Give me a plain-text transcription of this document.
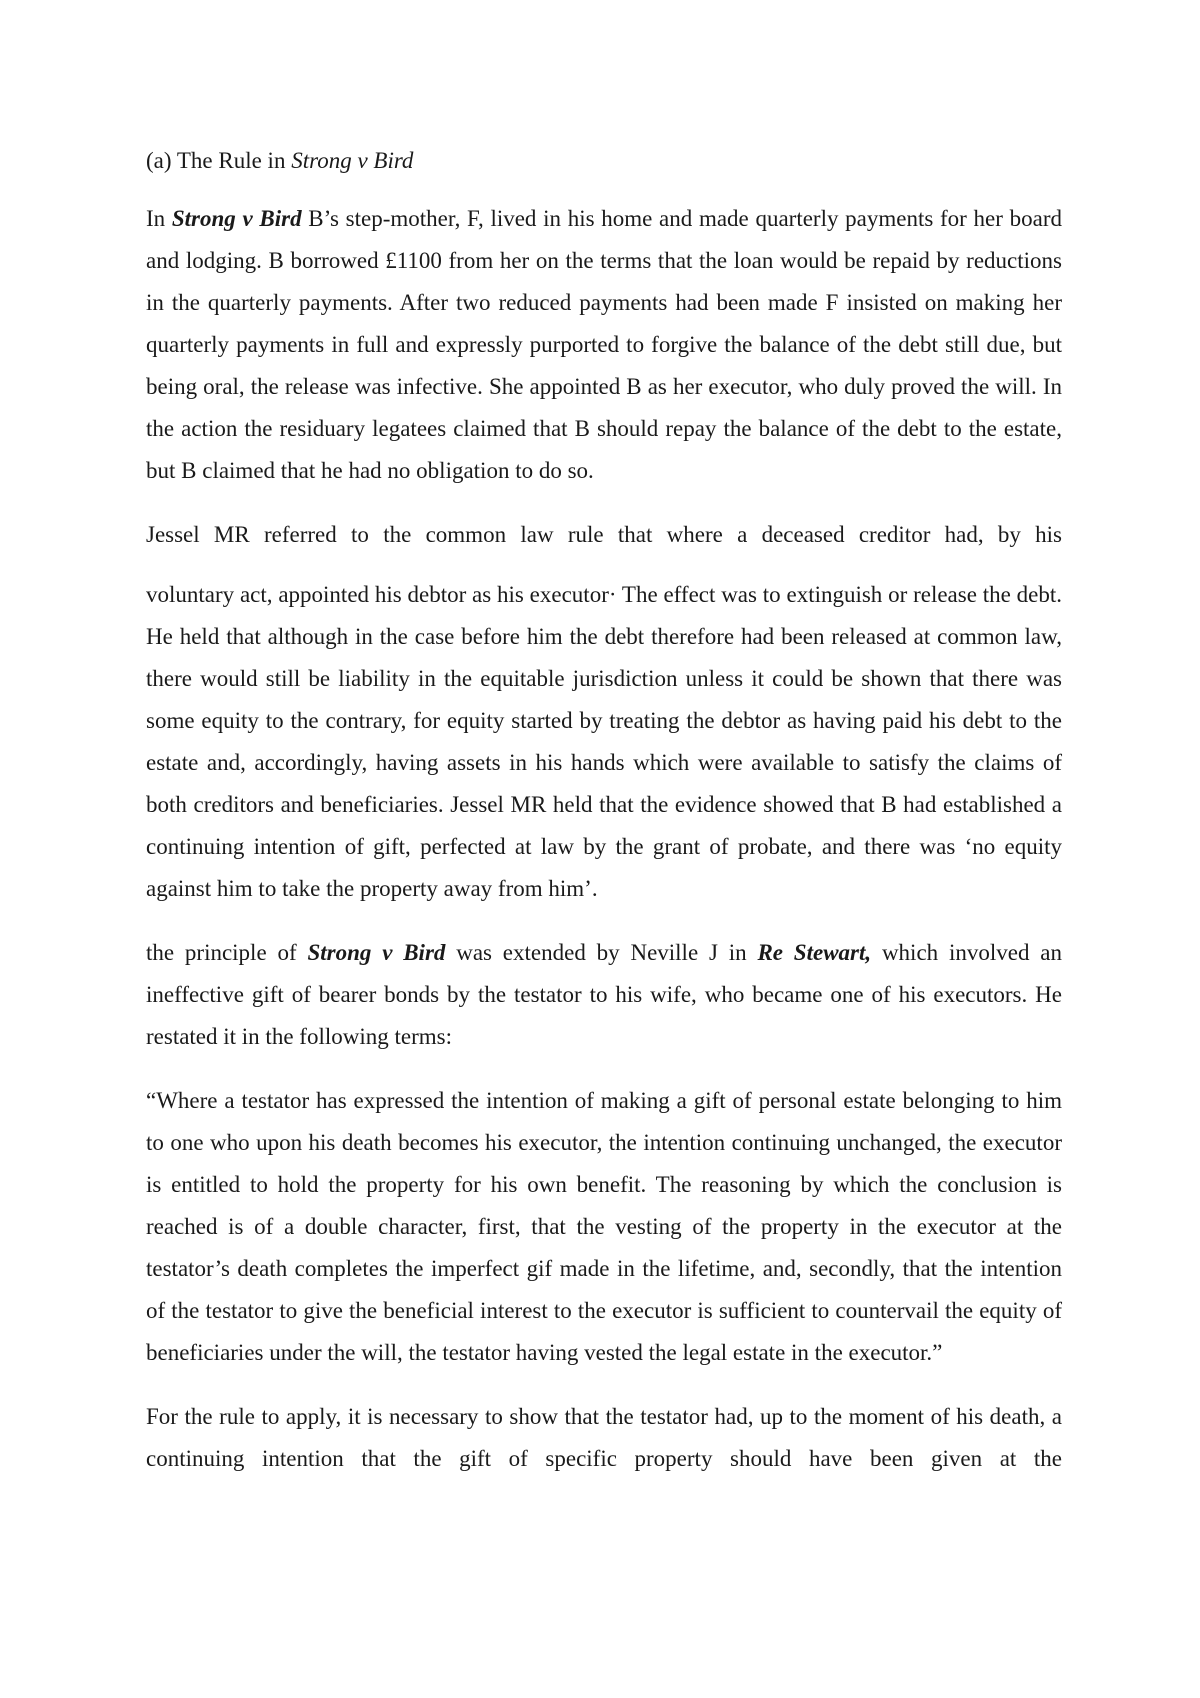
(a) The Rule in Strong v Bird

In Strong v Bird B’s step-mother, F, lived in his home and made quarterly payments for her board and lodging. B borrowed £1100 from her on the terms that the loan would be repaid by reductions in the quarterly payments. After two reduced payments had been made F insisted on making her quarterly payments in full and expressly purported to forgive the balance of the debt still due, but being oral, the release was infective. She appointed B as her executor, who duly proved the will. In the action the residuary legatees claimed that B should repay the balance of the debt to the estate, but B claimed that he had no obligation to do so.

Jessel MR referred to the common law rule that where a deceased creditor had, by his

voluntary act, appointed his debtor as his executor· The effect was to extinguish or release the debt. He held that although in the case before him the debt therefore had been released at common law, there would still be liability in the equitable jurisdiction unless it could be shown that there was some equity to the contrary, for equity started by treating the debtor as having paid his debt to the estate and, accordingly, having assets in his hands which were available to satisfy the claims of both creditors and beneficiaries. Jessel MR held that the evidence showed that B had established a continuing intention of gift, perfected at law by the grant of probate, and there was ‘no equity against him to take the property away from him’.

the principle of Strong v Bird was extended by Neville J in Re Stewart, which involved an ineffective gift of bearer bonds by the testator to his wife, who became one of his executors. He restated it in the following terms:

“Where a testator has expressed the intention of making a gift of personal estate belonging to him to one who upon his death becomes his executor, the intention continuing unchanged, the executor is entitled to hold the property for his own benefit. The reasoning by which the conclusion is reached is of a double character, first, that the vesting of the property in the executor at the testator’s death completes the imperfect gif made in the lifetime, and, secondly, that the intention of the testator to give the beneficial interest to the executor is sufficient to countervail the equity of beneficiaries under the will, the testator having vested the legal estate in the executor.”

For the rule to apply, it is necessary to show that the testator had, up to the moment of his death, a continuing intention that the gift of specific property should have been given at the
